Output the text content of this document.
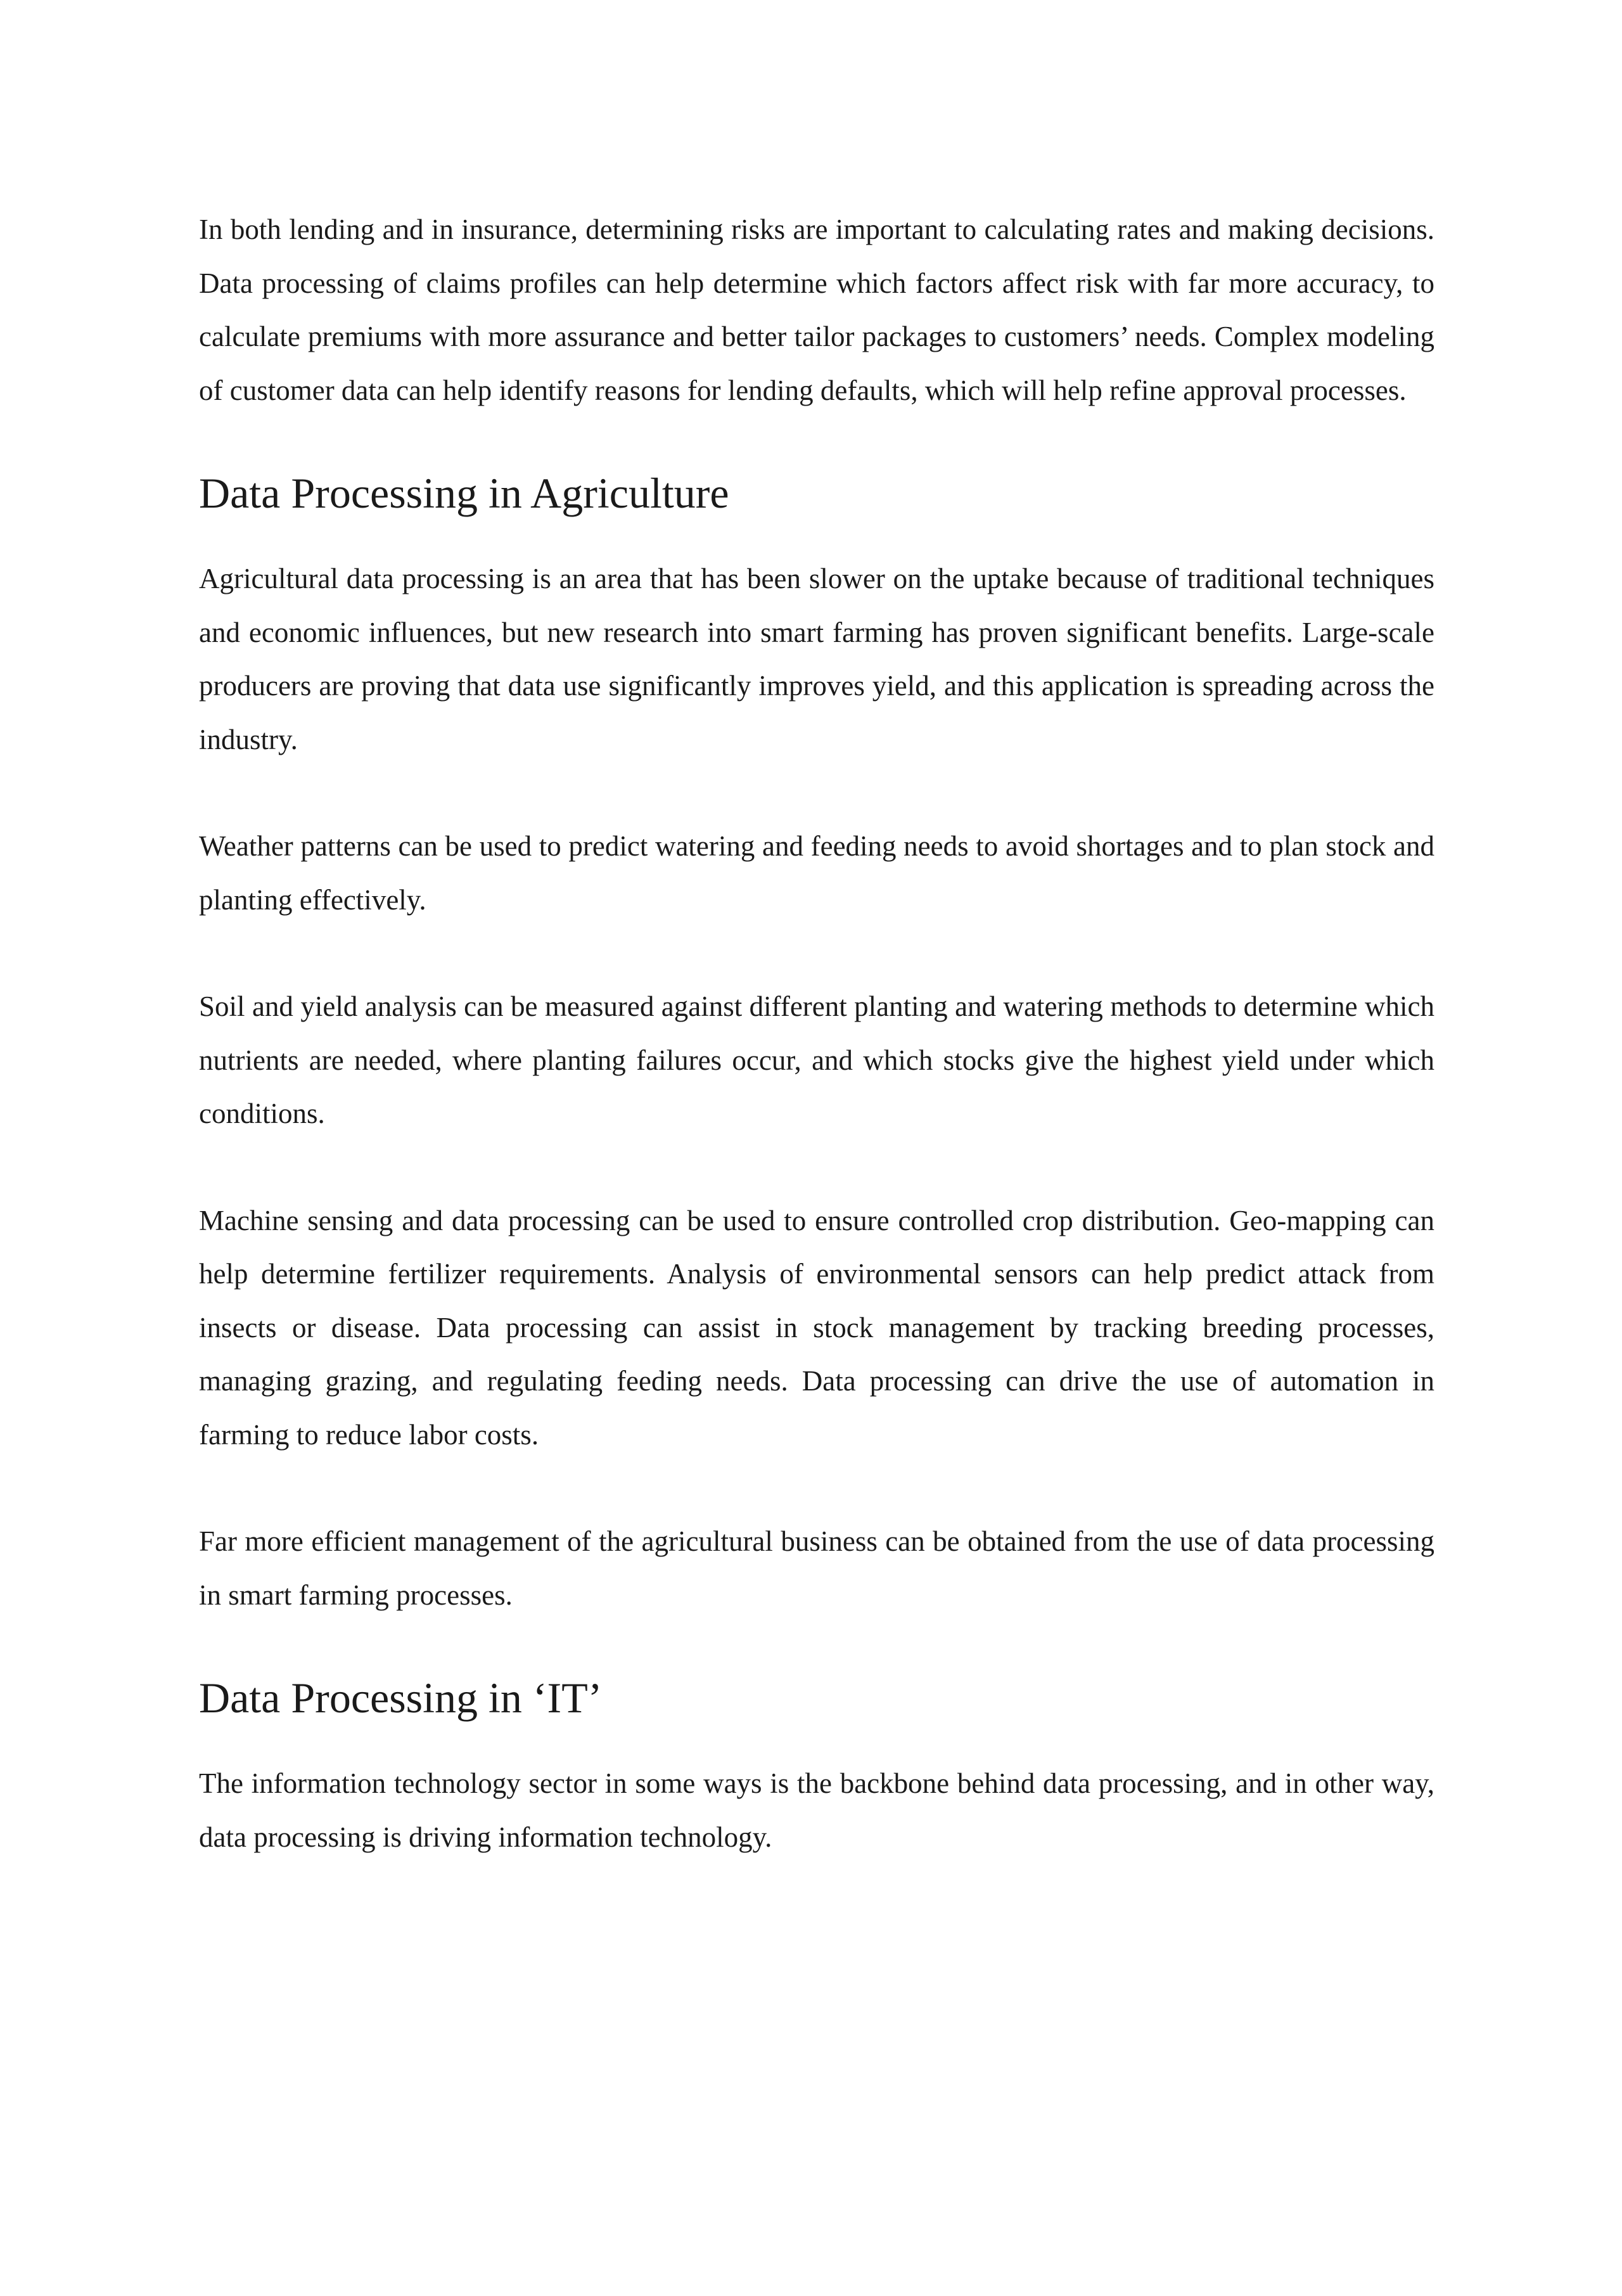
In both lending and in insurance, determining risks are important to calculating rates and making decisions. Data processing of claims profiles can help determine which factors affect risk with far more accuracy, to calculate premiums with more assurance and better tailor packages to customers’ needs. Complex modeling of customer data can help identify reasons for lending defaults, which will help refine approval processes.

Data Processing in Agriculture

Agricultural data processing is an area that has been slower on the uptake because of traditional techniques and economic influences, but new research into smart farming has proven significant benefits. Large-scale producers are proving that data use significantly improves yield, and this application is spreading across the industry.

Weather patterns can be used to predict watering and feeding needs to avoid shortages and to plan stock and planting effectively.

Soil and yield analysis can be measured against different planting and watering methods to determine which nutrients are needed, where planting failures occur, and which stocks give the highest yield under which conditions.

Machine sensing and data processing can be used to ensure controlled crop distribution. Geo-mapping can help determine fertilizer requirements. Analysis of environmental sensors can help predict attack from insects or disease. Data processing can assist in stock management by tracking breeding processes, managing grazing, and regulating feeding needs. Data processing can drive the use of automation in farming to reduce labor costs.

Far more efficient management of the agricultural business can be obtained from the use of data processing in smart farming processes.

Data Processing in ‘IT’

The information technology sector in some ways is the backbone behind data processing, and in other way, data processing is driving information technology.
